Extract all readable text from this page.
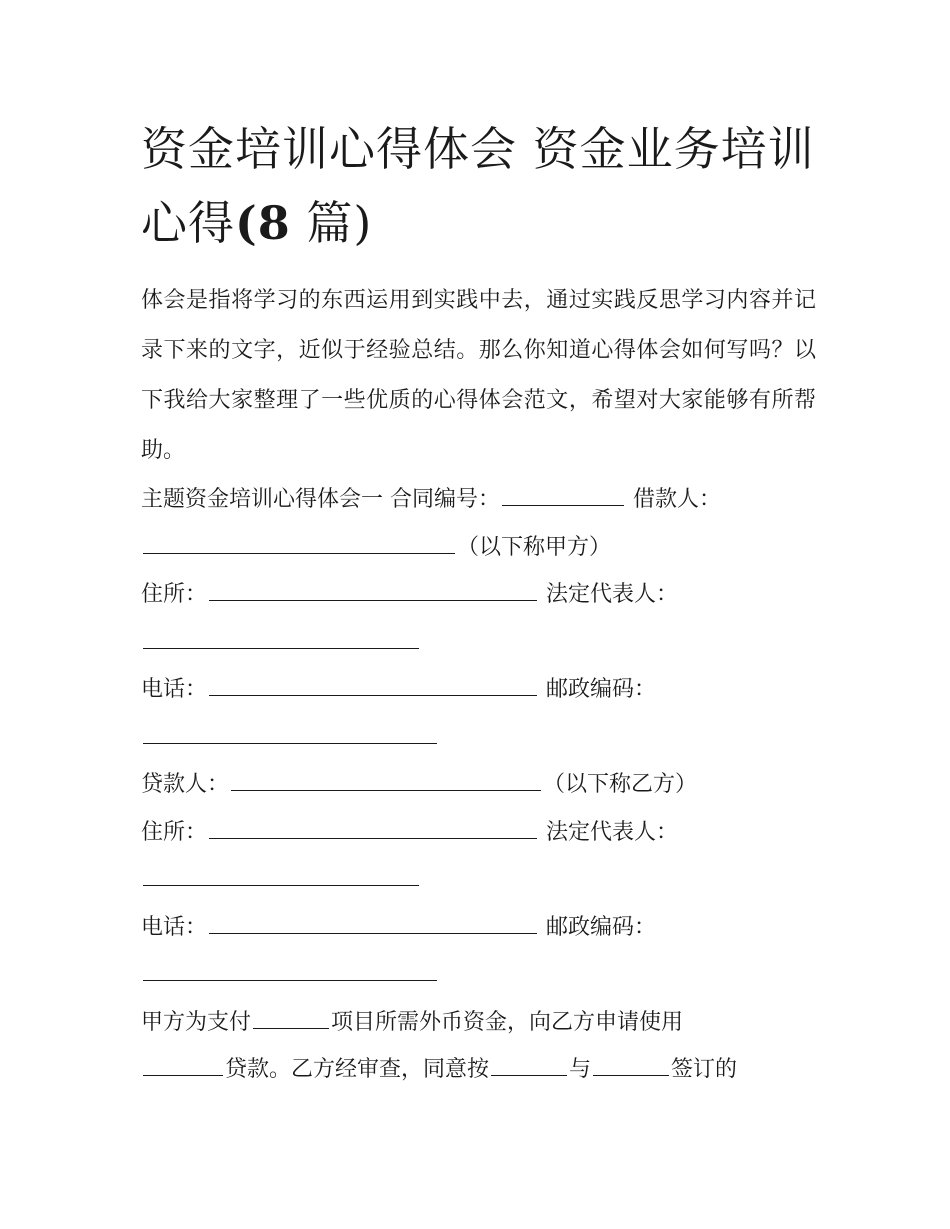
资金培训心得体会 资金业务培训心得(8 篇)

体会是指将学习的东西运用到实践中去，通过实践反思学习内容并记录下来的文字，近似于经验总结。那么你知道心得体会如何写吗？以下我给大家整理了一些优质的心得体会范文，希望对大家能够有所帮助。

主题资金培训心得体会一 合同编号：	借款人：

（以下称甲方）

住所：	法定代表人：

电话：	邮政编码：

贷款人：	（以下称乙方）

住所：	法定代表人：

电话：	邮政编码：

甲方为支付	项目所需外币资金，向乙方申请使用

贷款。乙方经审查，同意按	与	签订的
